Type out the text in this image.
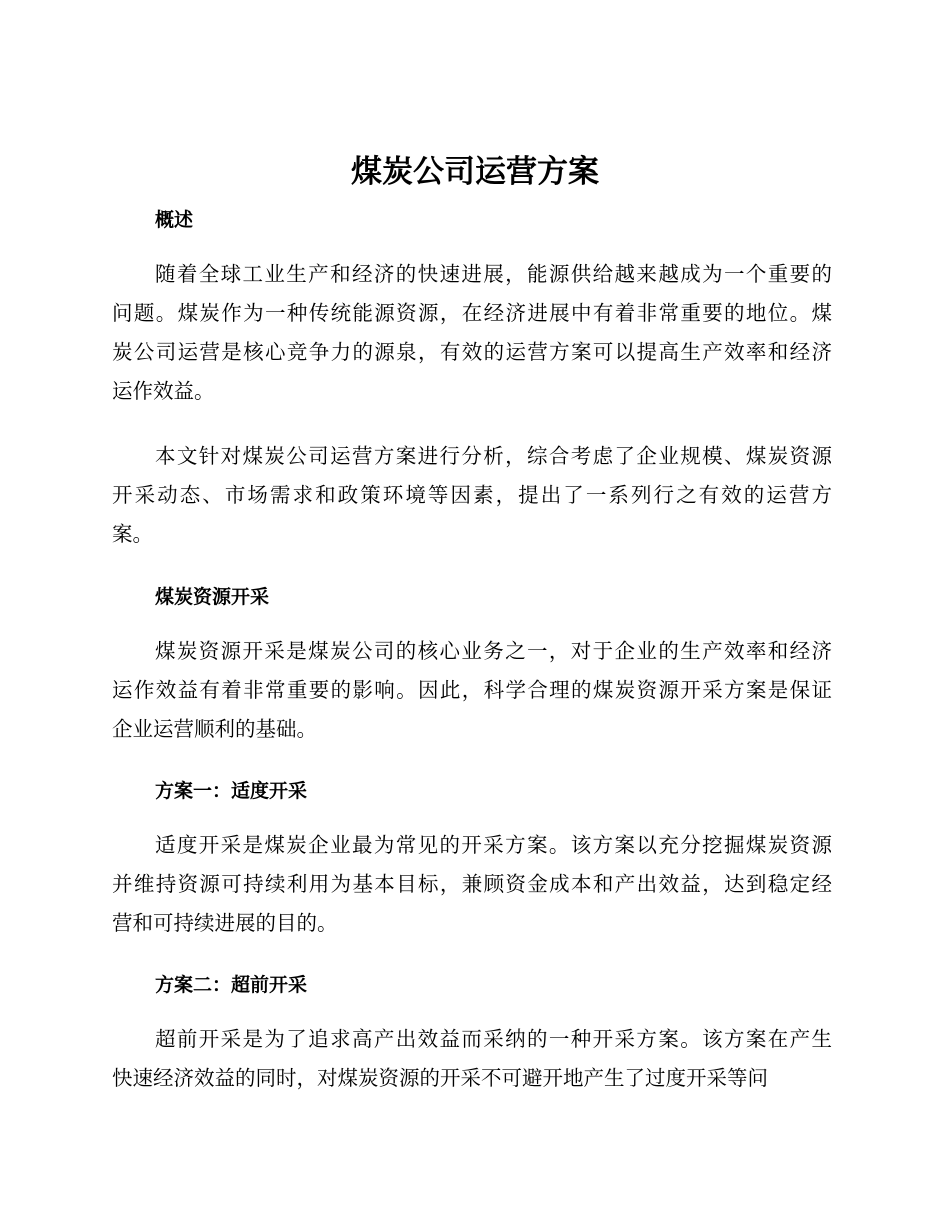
煤炭公司运营方案
概述

随着全球工业生产和经济的快速进展，能源供给越来越成为一个重要的
问题。煤炭作为一种传统能源资源，在经济进展中有着非常重要的地位。煤
炭公司运营是核心竞争力的源泉，有效的运营方案可以提高生产效率和经济
运作效益。

本文针对煤炭公司运营方案进行分析，综合考虑了企业规模、煤炭资源
开采动态、市场需求和政策环境等因素，提出了一系列行之有效的运营方
案。

煤炭资源开采

煤炭资源开采是煤炭公司的核心业务之一，对于企业的生产效率和经济
运作效益有着非常重要的影响。因此，科学合理的煤炭资源开采方案是保证
企业运营顺利的基础。

方案一：适度开采

适度开采是煤炭企业最为常见的开采方案。该方案以充分挖掘煤炭资源
并维持资源可持续利用为基本目标，兼顾资金成本和产出效益，达到稳定经
营和可持续进展的目的。

方案二：超前开采

超前开采是为了追求高产出效益而采纳的一种开采方案。该方案在产生
快速经济效益的同时，对煤炭资源的开采不可避开地产生了过度开采等问
